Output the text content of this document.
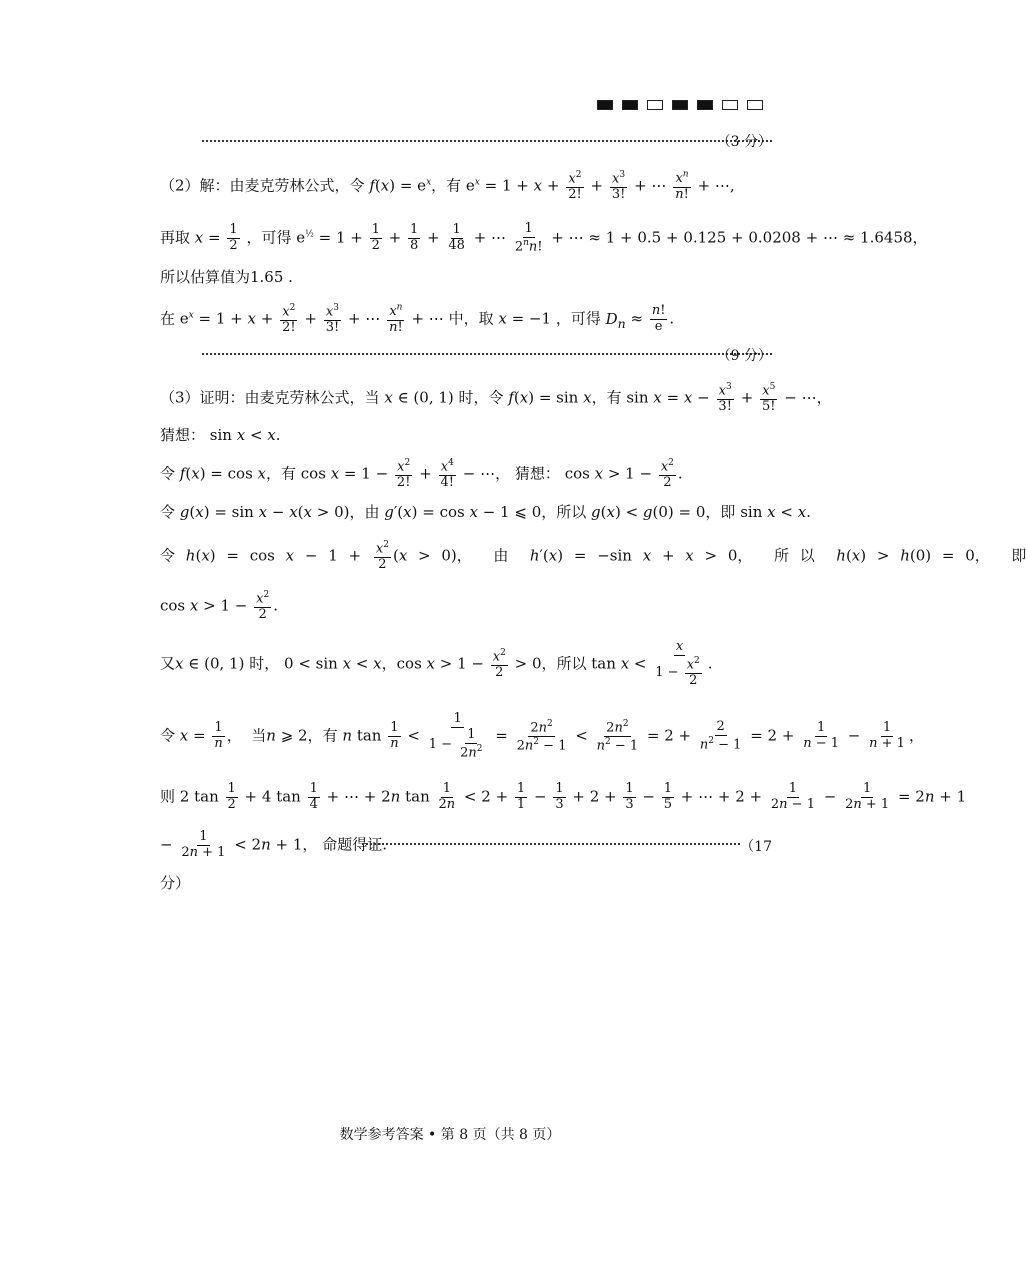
（3 分）
（2）解：由麦克劳林公式，令 $f(x) = e^x$，有 $e^x = 1 + x + \frac{x^2}{2!} + \frac{x^3}{3!}$ + ⋯ $\frac{x^n}{n!}$ + ⋯,
再取 $x = \frac{1}{2}$ ，可得 $e^{\frac{1}{2}} = 1 + \frac{1}{2} + \frac{1}{8} + \frac{1}{48}$ + ⋯ $\frac{1}{2^nn!}$ + ⋯ ≈ 1 + 0.5 + 0.125 + 0.0208 + ⋯ ≈ 1.6458，
所以估算值为1.65 .
在 $e^x = 1 + x + \frac{x^2}{2!} + \frac{x^3}{3!}$ + ⋯ $\frac{x^n}{n!}$ + ⋯ 中，取 x = −1 ，可得 $D_n \approx \frac{n!}{e}$ .
（9 分）
（3）证明：由麦克劳林公式，当 x ∈ (0, 1) 时，令 f(x) = sin x，有 $\sin x = x - \frac{x^3}{3!} + \frac{x^5}{5!}$ − ⋯，
猜想： sin x < x.
令 f(x) = cos x，有 $\cos x = 1 - \frac{x^2}{2!} + \frac{x^4}{4!}$ − ⋯， 猜想： $\cos x > 1 - \frac{x^2}{2}$ .
令 g(x) = sin x − x(x > 0)，由 g′(x) = cos x − 1 ⩽ 0，所以 g(x) < g(0) = 0，即 sin x < x.
令 $h(x) = \cos x - 1 + \frac{x^2}{2} (x > 0)$，  由  h′(x) = −sin x + x > 0，  所 以  h(x) > h(0) = 0，  即
$\cos x > 1 - \frac{x^2}{2}$ .
又x ∈ (0, 1) 时， 0 < sin x < x，$\cos x > 1 - \frac{x^2}{2} > 0$，所以 $\tan x < \frac{x}{1 - \frac{x^2}{2}}$ .
令 $x = \frac{1}{n}$ ，  当n ⩾ 2，有 n $\tan \frac{1}{n} < \frac{1}{1 - \frac{1}{2n^2}} = \frac{2n^2}{2n^2 - 1} < \frac{2n^2}{n^2 - 1} = 2 + \frac{2}{n^2 - 1} = 2 + \frac{1}{n - 1} - \frac{1}{n + 1}$ ，
则 2 $\tan \frac{1}{2} + 4$ $\tan \frac{1}{4}$ + ⋯ + 2n $\tan \frac{1}{2n} < 2 + \frac{1}{1} - \frac{1}{3} + 2 + \frac{1}{3} - \frac{1}{5}$ + ⋯ + $2 + \frac{1}{2n - 1} - \frac{1}{2n + 1} = 2n + 1$
− $\frac{1}{2n + 1} < 2n + 1$， 命题得证.	（17
分）
数学参考答案 • 第 8 页（共 8 页）
